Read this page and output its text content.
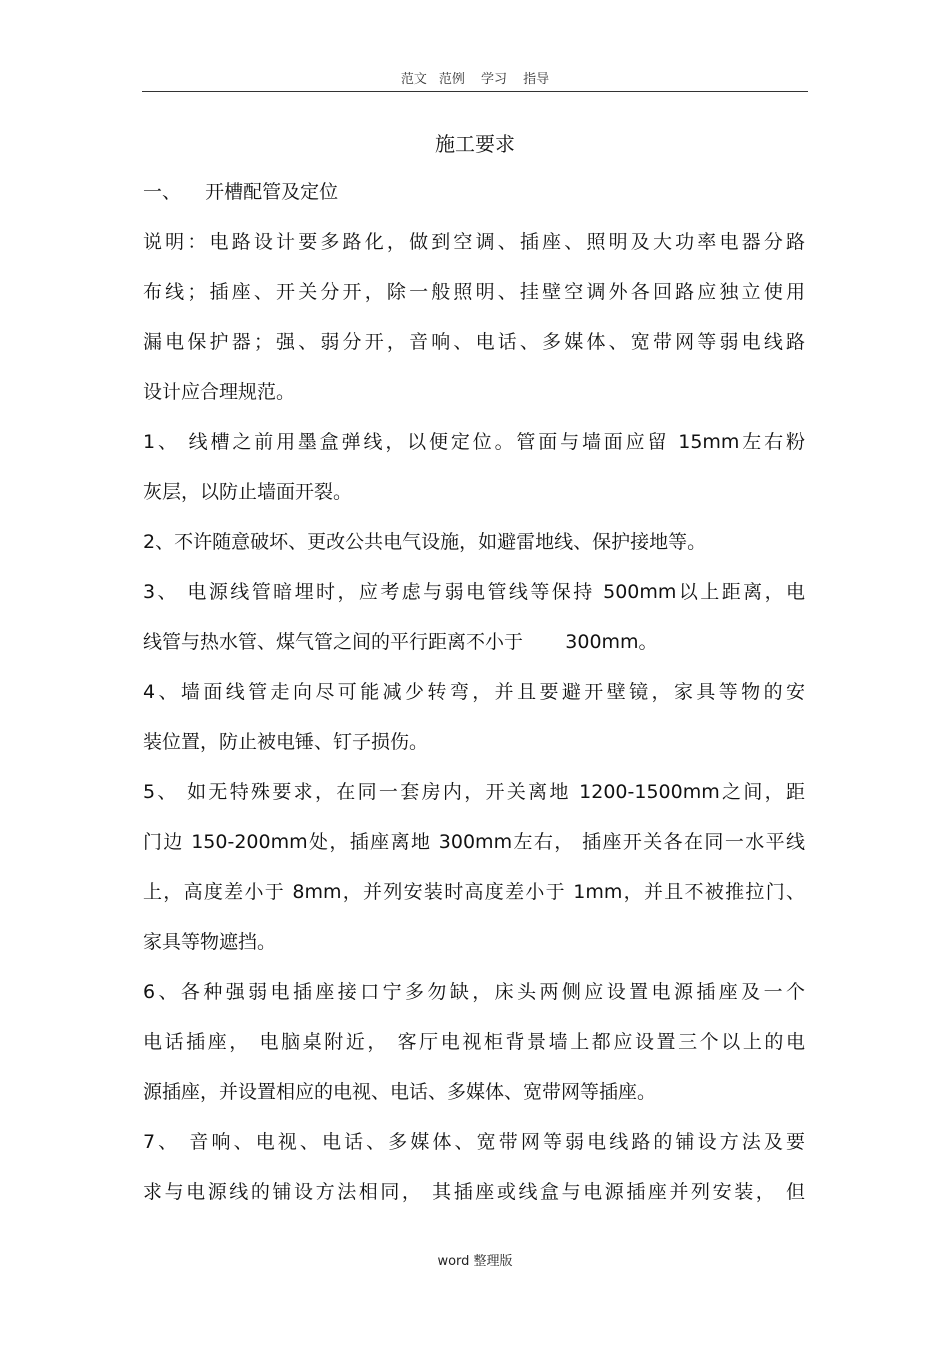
范文 范例 学习 指导
施工要求
一、    开槽配管及定位
说明：电路设计要多路化，做到空调、插座、照明及大功率电器分路
布线；插座、开关分开，除一般照明、挂壁空调外各回路应独立使用
漏电保护器；强、弱分开，音响、电话、多媒体、宽带网等弱电线路
设计应合理规范。
1、 线槽之前用墨盒弹线，以便定位。管面与墙面应留 15mm左右粉
灰层，以防止墙面开裂。
2、不许随意破坏、更改公共电气设施，如避雷地线、保护接地等。
3、 电源线管暗埋时，应考虑与弱电管线等保持 500mm以上距离，电
线管与热水管、煤气管之间的平行距离不小于       300mm。
4、墙面线管走向尽可能减少转弯，并且要避开壁镜，家具等物的安
装位置，防止被电锤、钉子损伤。
5、 如无特殊要求，在同一套房内，开关离地 1200-1500mm之间，距
门边 150-200mm处，插座离地 300mm左右， 插座开关各在同一水平线
上，高度差小于 8mm，并列安装时高度差小于 1mm，并且不被推拉门、
家具等物遮挡。
6、各种强弱电插座接口宁多勿缺，床头两侧应设置电源插座及一个
电话插座， 电脑桌附近， 客厅电视柜背景墙上都应设置三个以上的电
源插座，并设置相应的电视、电话、多媒体、宽带网等插座。
7、 音响、电视、电话、多媒体、宽带网等弱电线路的铺设方法及要
求与电源线的铺设方法相同， 其插座或线盒与电源插座并列安装， 但
word 整理版
